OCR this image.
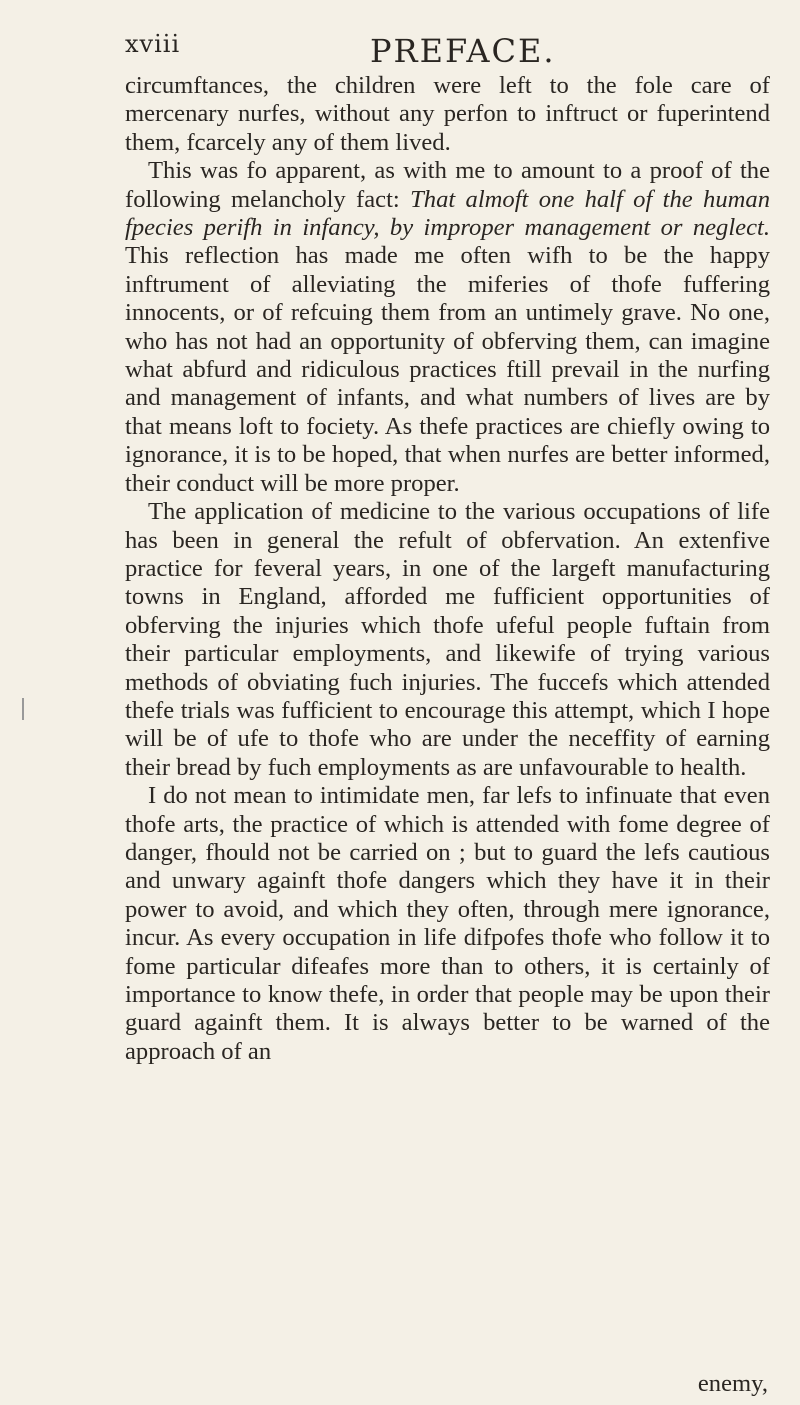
xviii	PREFACE.

circumftances, the children were left to the fole care of mercenary nurfes, without any perfon to inftruct or fuperintend them, fcarcely any of them lived.

This was fo apparent, as with me to amount to a proof of the following melancholy fact: That almoft one half of the human fpecies perifh in infancy, by improper management or neglect. This reflection has made me often wifh to be the happy inftrument of alleviating the miferies of thofe fuffering innocents, or of refcuing them from an untimely grave. No one, who has not had an opportunity of obferving them, can imagine what abfurd and ridiculous practices ftill prevail in the nurfing and management of infants, and what numbers of lives are by that means loft to fociety. As thefe practices are chiefly owing to ignorance, it is to be hoped, that when nurfes are better informed, their conduct will be more proper.

The application of medicine to the various occupations of life has been in general the refult of obfervation. An extenfive practice for feveral years, in one of the largeft manufacturing towns in England, afforded me fufficient opportunities of obferving the injuries which thofe ufeful people fuftain from their particular employments, and likewife of trying various methods of obviating fuch injuries. The fuccefs which attended thefe trials was fufficient to encourage this attempt, which I hope will be of ufe to thofe who are under the neceffity of earning their bread by fuch employments as are unfavourable to health.

I do not mean to intimidate men, far lefs to infinuate that even thofe arts, the practice of which is attended with fome degree of danger, fhould not be carried on ; but to guard the lefs cautious and unwary againft thofe dangers which they have it in their power to avoid, and which they often, through mere ignorance, incur. As every occupation in life difpofes thofe who follow it to fome particular difeafes more than to others, it is certainly of importance to know thefe, in order that people may be upon their guard againft them. It is always better to be warned of the approach of an

enemy,
